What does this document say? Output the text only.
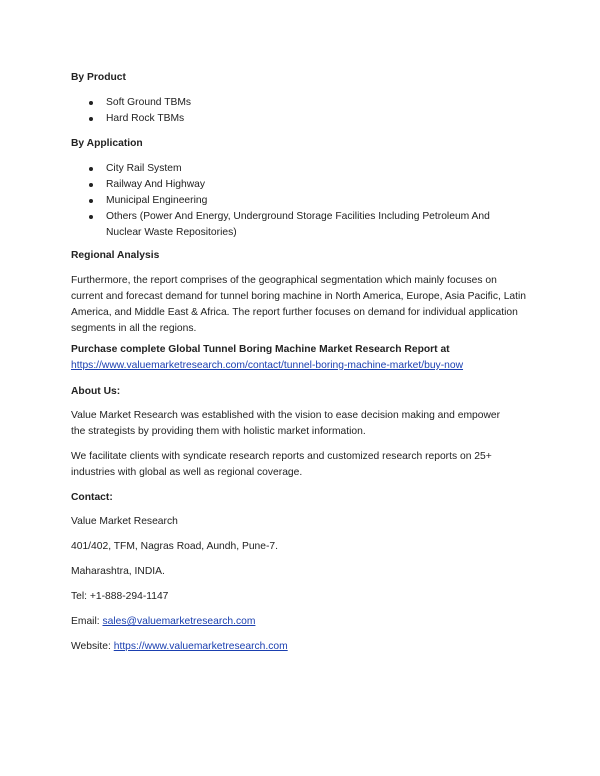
By Product
Soft Ground TBMs
Hard Rock TBMs
By Application
City Rail System
Railway And Highway
Municipal Engineering
Others (Power And Energy, Underground Storage Facilities Including Petroleum And Nuclear Waste Repositories)
Regional Analysis
Furthermore, the report comprises of the geographical segmentation which mainly focuses on current and forecast demand for tunnel boring machine in North America, Europe, Asia Pacific, Latin America, and Middle East & Africa. The report further focuses on demand for individual application segments in all the regions.
Purchase complete Global Tunnel Boring Machine Market Research Report at
https://www.valuemarketresearch.com/contact/tunnel-boring-machine-market/buy-now
About Us:
Value Market Research was established with the vision to ease decision making and empower the strategists by providing them with holistic market information.
We facilitate clients with syndicate research reports and customized research reports on 25+ industries with global as well as regional coverage.
Contact:
Value Market Research
401/402, TFM, Nagras Road, Aundh, Pune-7.
Maharashtra, INDIA.
Tel: +1-888-294-1147
Email: sales@valuemarketresearch.com
Website: https://www.valuemarketresearch.com
